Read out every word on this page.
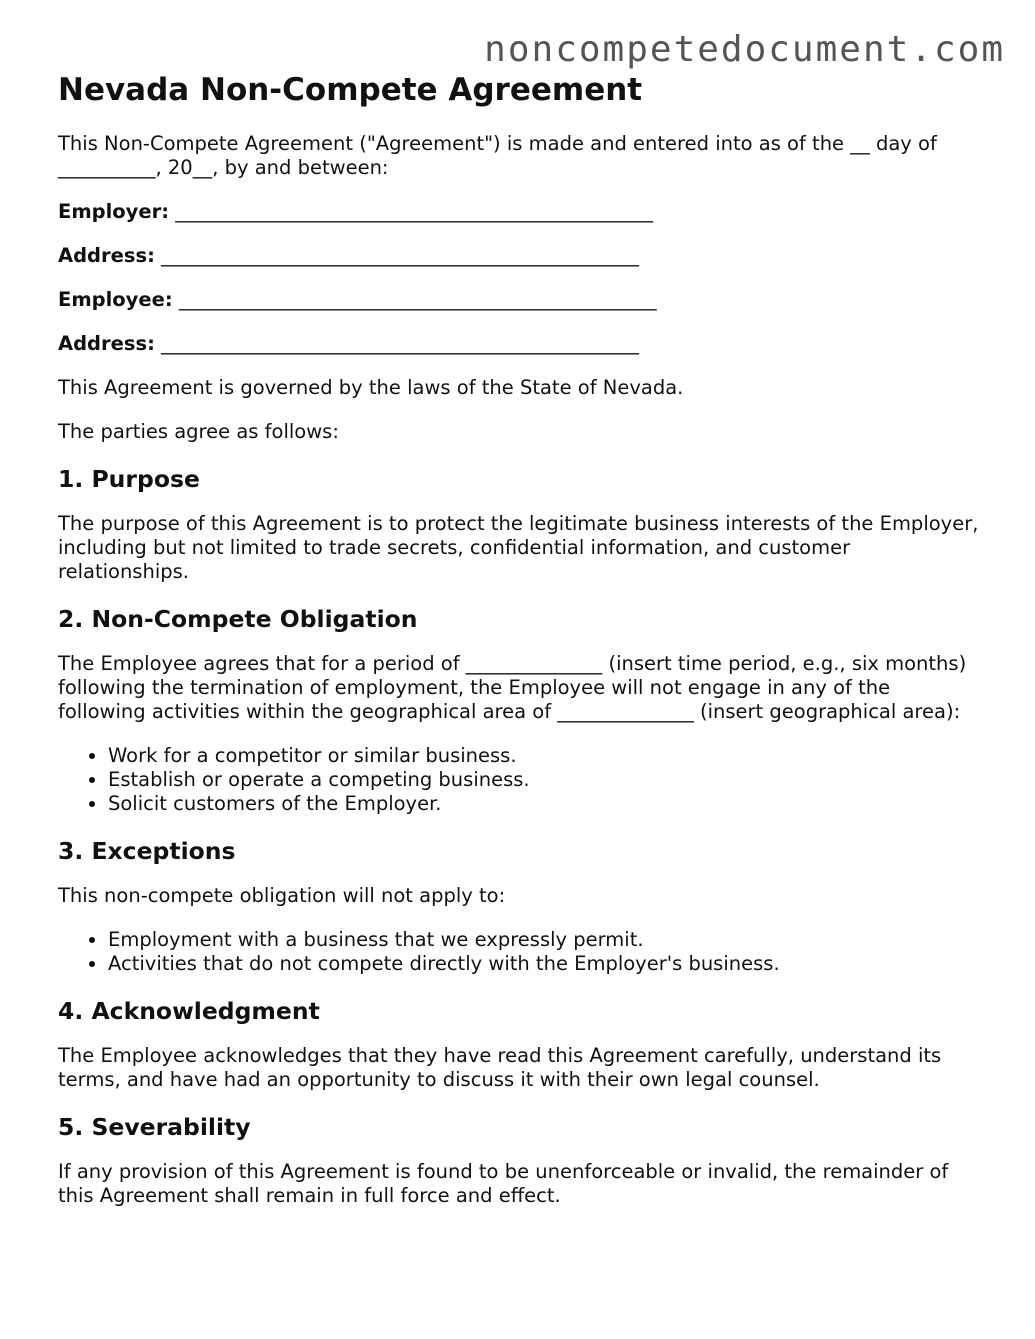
noncompetedocument.com
Nevada Non-Compete Agreement

This Non-Compete Agreement ("Agreement") is made and entered into as of the __ day of __________, 20__, by and between:

Employer: _________________________________________________
Address: _________________________________________________
Employee: _________________________________________________
Address: _________________________________________________

This Agreement is governed by the laws of the State of Nevada.

The parties agree as follows:

1. Purpose

The purpose of this Agreement is to protect the legitimate business interests of the Employer, including but not limited to trade secrets, confidential information, and customer relationships.

2. Non-Compete Obligation

The Employee agrees that for a period of ______________ (insert time period, e.g., six months) following the termination of employment, the Employee will not engage in any of the following activities within the geographical area of ______________ (insert geographical area):

• Work for a competitor or similar business.
• Establish or operate a competing business.
• Solicit customers of the Employer.
3. Exceptions

This non-compete obligation will not apply to:

• Employment with a business that we expressly permit.
• Activities that do not compete directly with the Employer's business.
4. Acknowledgment

The Employee acknowledges that they have read this Agreement carefully, understand its terms, and have had an opportunity to discuss it with their own legal counsel.

5. Severability

If any provision of this Agreement is found to be unenforceable or invalid, the remainder of this Agreement shall remain in full force and effect.
